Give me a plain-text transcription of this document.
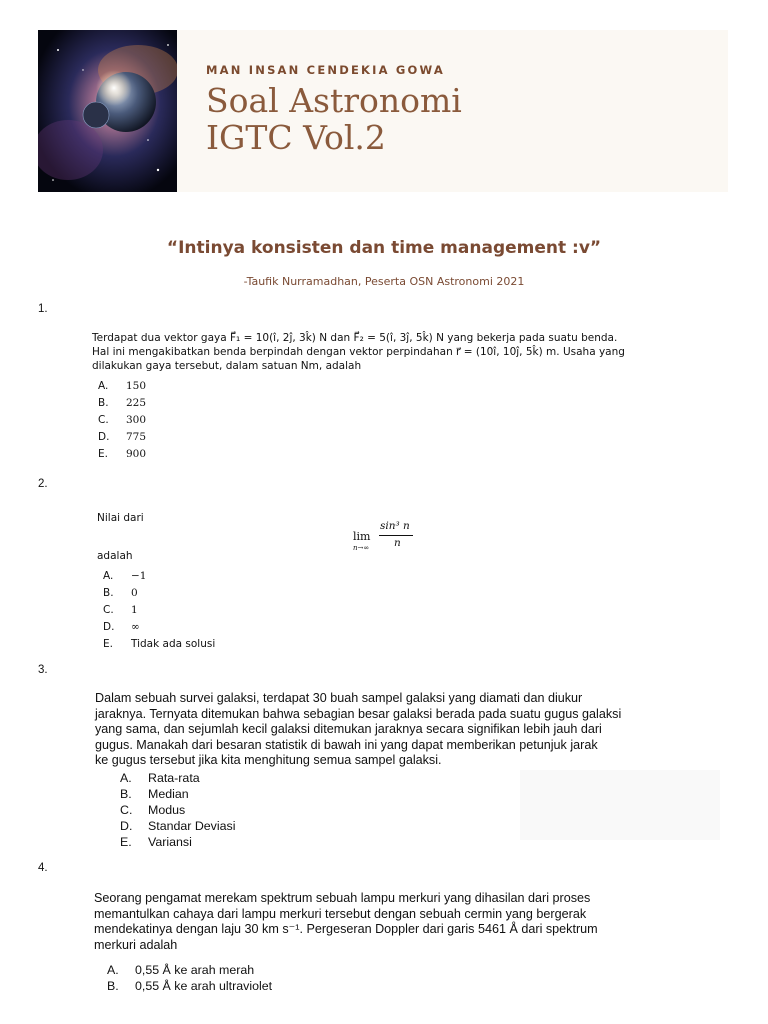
MAN INSAN CENDEKIA GOWA
Soal Astronomi
IGTC Vol.2
“Intinya konsisten dan time management :v”
-Taufik Nurramadhan, Peserta OSN Astronomi 2021
1.
Terdapat dua vektor gaya F⃗₁ = 10(î, 2ĵ, 3k̂) N dan F⃗₂ = 5(î, 3ĵ, 5k̂) N yang bekerja pada suatu benda.
Hal ini mengakibatkan benda berpindah dengan vektor perpindahan r⃗ = (10î, 10ĵ, 5k̂) m. Usaha yang
dilakukan gaya tersebut, dalam satuan Nm, adalah
A.	150
B.	225
C.	300
D.	775
E.	900
2.
Nilai dari
lim
n→∞
sin³ n
n
adalah
A.	−1
B.	0
C.	1
D.	∞
E.	Tidak ada solusi
3.
Dalam sebuah survei galaksi, terdapat 30 buah sampel galaksi yang diamati dan diukur
jaraknya. Ternyata ditemukan bahwa sebagian besar galaksi berada pada suatu gugus galaksi
yang sama, dan sejumlah kecil galaksi ditemukan jaraknya secara signifikan lebih jauh dari
gugus. Manakah dari besaran statistik di bawah ini yang dapat memberikan petunjuk jarak
ke gugus tersebut jika kita menghitung semua sampel galaksi.
A.	Rata-rata
B.	Median
C.	Modus
D.	Standar Deviasi
E.	Variansi
4.
Seorang pengamat merekam spektrum sebuah lampu merkuri yang dihasilan dari proses
memantulkan cahaya dari lampu merkuri tersebut dengan sebuah cermin yang bergerak
mendekatinya dengan laju 30 km s⁻¹. Pergeseran Doppler dari garis 5461 Å dari spektrum
merkuri adalah
A.	0,55 Å ke arah merah
B.	0,55 Å ke arah ultraviolet
